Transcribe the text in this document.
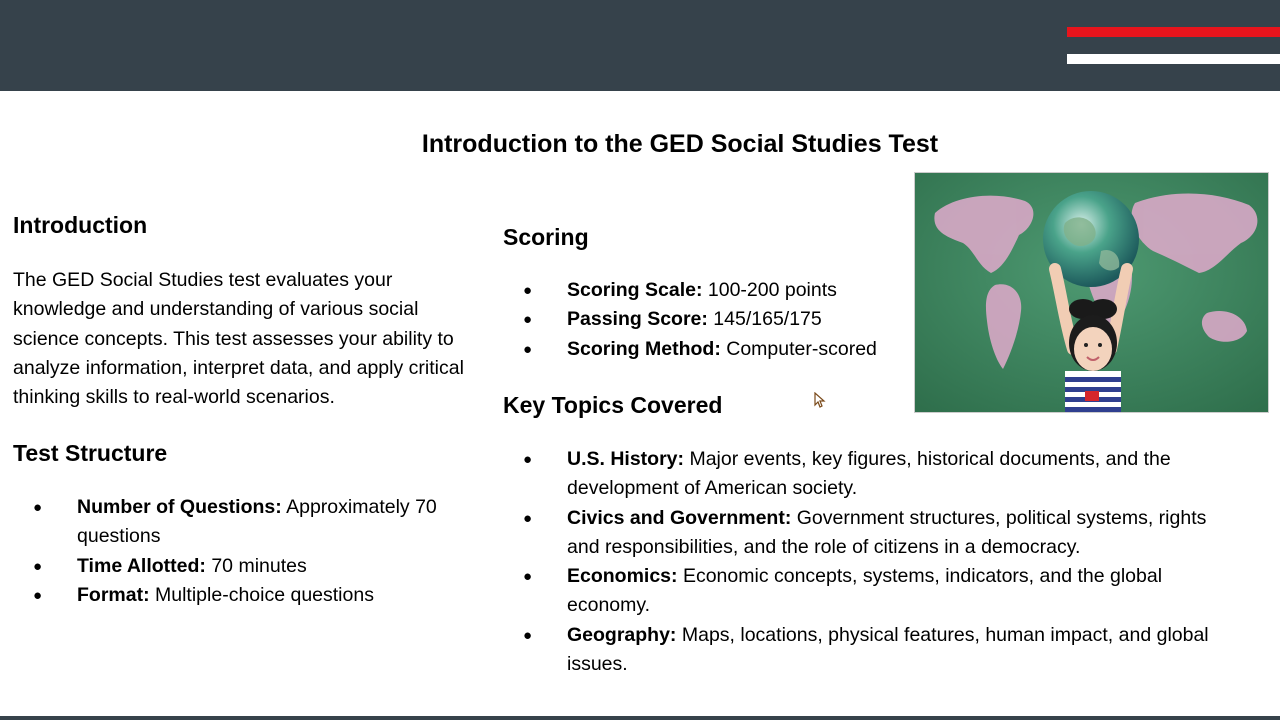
Introduction to the GED Social Studies Test
Introduction

The GED Social Studies test evaluates your knowledge and understanding of various social science concepts. This test assesses your ability to analyze information, interpret data, and apply critical thinking skills to real-world scenarios.

Test Structure
● Number of Questions: Approximately 70 questions
● Time Allotted: 70 minutes
● Format: Multiple-choice questions
Scoring
● Scoring Scale: 100-200 points
● Passing Score: 145/165/175
● Scoring Method: Computer-scored
Key Topics Covered
● U.S. History: Major events, key figures, historical documents, and the development of American society.
● Civics and Government: Government structures, political systems, rights and responsibilities, and the role of citizens in a democracy.
● Economics: Economic concepts, systems, indicators, and the global economy.
● Geography: Maps, locations, physical features, human impact, and global issues.
